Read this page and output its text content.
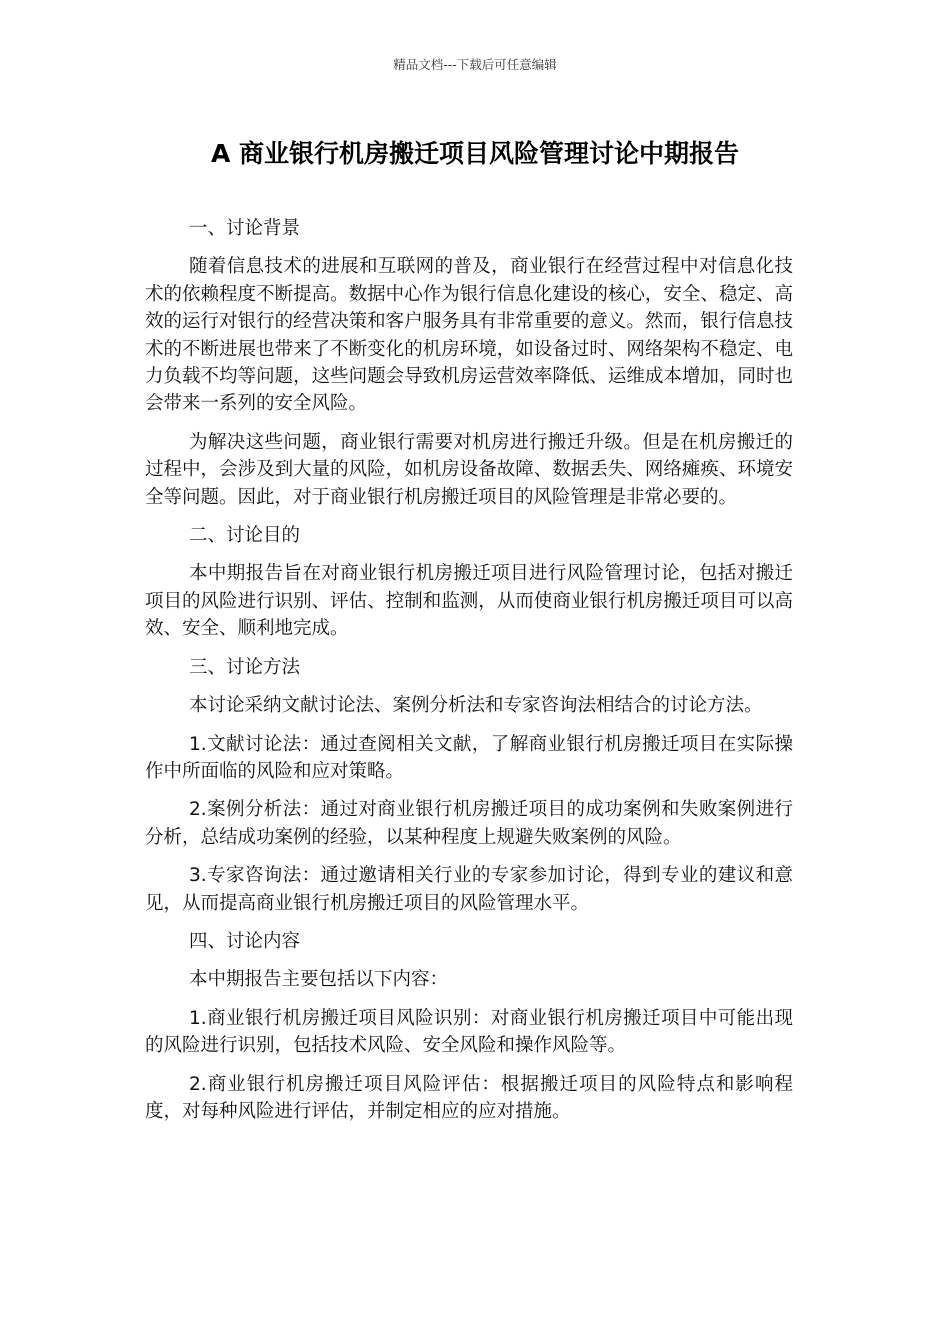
精品文档---下载后可任意编辑
A 商业银行机房搬迁项目风险管理讨论中期报告

一、讨论背景

随着信息技术的进展和互联网的普及，商业银行在经营过程中对信息化技术的依赖程度不断提高。数据中心作为银行信息化建设的核心，安全、稳定、高效的运行对银行的经营决策和客户服务具有非常重要的意义。然而，银行信息技术的不断进展也带来了不断变化的机房环境，如设备过时、网络架构不稳定、电力负载不均等问题，这些问题会导致机房运营效率降低、运维成本增加，同时也会带来一系列的安全风险。

为解决这些问题，商业银行需要对机房进行搬迁升级。但是在机房搬迁的过程中，会涉及到大量的风险，如机房设备故障、数据丢失、网络瘫痪、环境安全等问题。因此，对于商业银行机房搬迁项目的风险管理是非常必要的。

二、讨论目的

本中期报告旨在对商业银行机房搬迁项目进行风险管理讨论，包括对搬迁项目的风险进行识别、评估、控制和监测，从而使商业银行机房搬迁项目可以高效、安全、顺利地完成。

三、讨论方法

本讨论采纳文献讨论法、案例分析法和专家咨询法相结合的讨论方法。

1.文献讨论法：通过查阅相关文献，了解商业银行机房搬迁项目在实际操作中所面临的风险和应对策略。

2.案例分析法：通过对商业银行机房搬迁项目的成功案例和失败案例进行分析，总结成功案例的经验，以某种程度上规避失败案例的风险。

3.专家咨询法：通过邀请相关行业的专家参加讨论，得到专业的建议和意见，从而提高商业银行机房搬迁项目的风险管理水平。

四、讨论内容

本中期报告主要包括以下内容：

1.商业银行机房搬迁项目风险识别：对商业银行机房搬迁项目中可能出现的风险进行识别，包括技术风险、安全风险和操作风险等。

2.商业银行机房搬迁项目风险评估：根据搬迁项目的风险特点和影响程度，对每种风险进行评估，并制定相应的应对措施。
